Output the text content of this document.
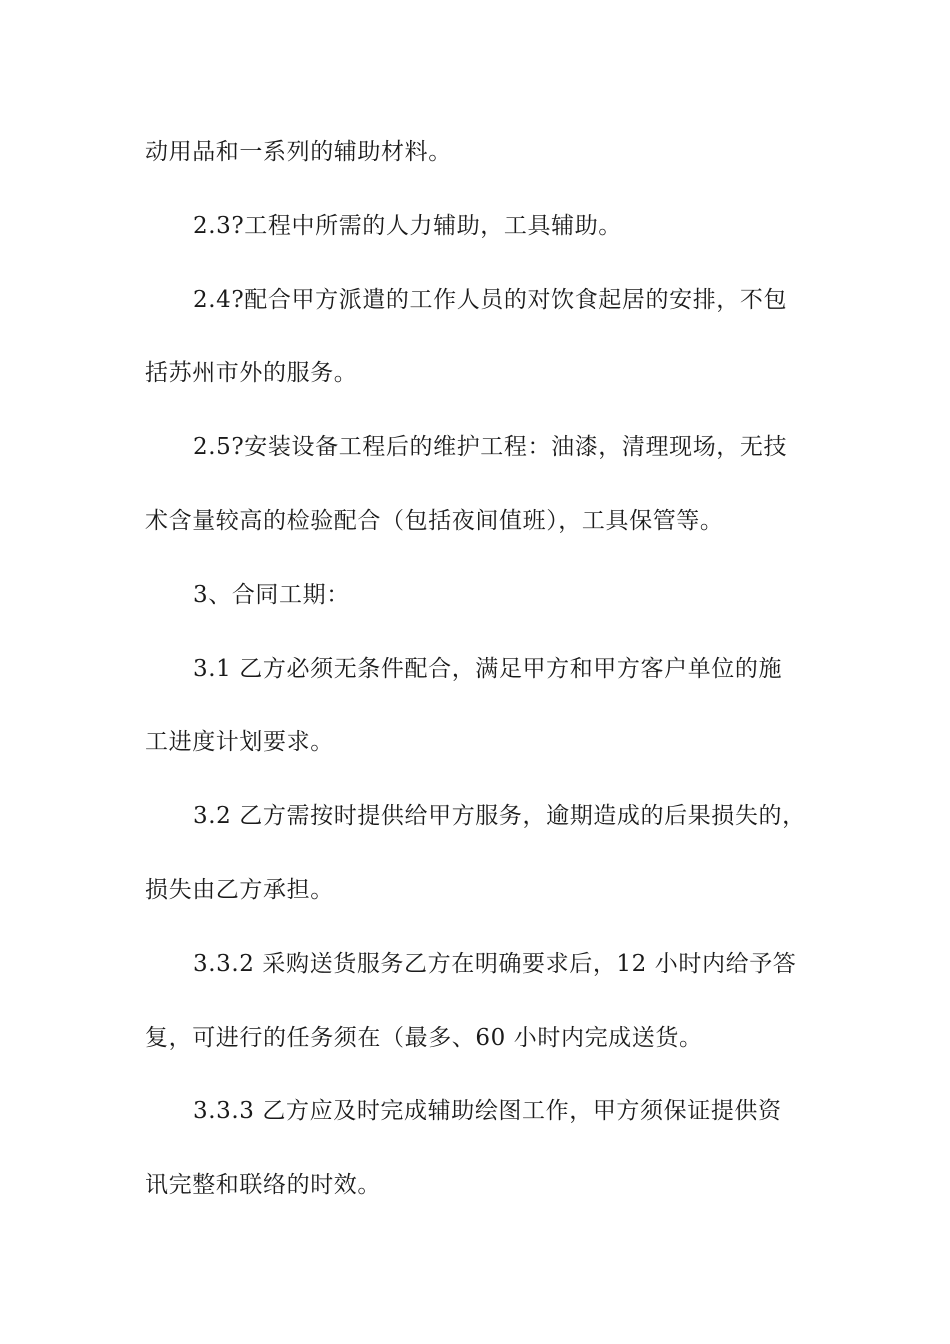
动用品和一系列的辅助材料。
2.3?工程中所需的人力辅助，工具辅助。
2.4?配合甲方派遣的工作人员的对饮食起居的安排，不包
括苏州市外的服务。
2.5?安装设备工程后的维护工程：油漆，清理现场，无技
术含量较高的检验配合（包括夜间值班），工具保管等。
3、合同工期：
3.1 乙方必须无条件配合，满足甲方和甲方客户单位的施
工进度计划要求。
3.2 乙方需按时提供给甲方服务，逾期造成的后果损失的，
损失由乙方承担。
3.3.2 采购送货服务乙方在明确要求后，12 小时内给予答
复，可进行的任务须在（最多、60 小时内完成送货。
3.3.3 乙方应及时完成辅助绘图工作，甲方须保证提供资
讯完整和联络的时效。
